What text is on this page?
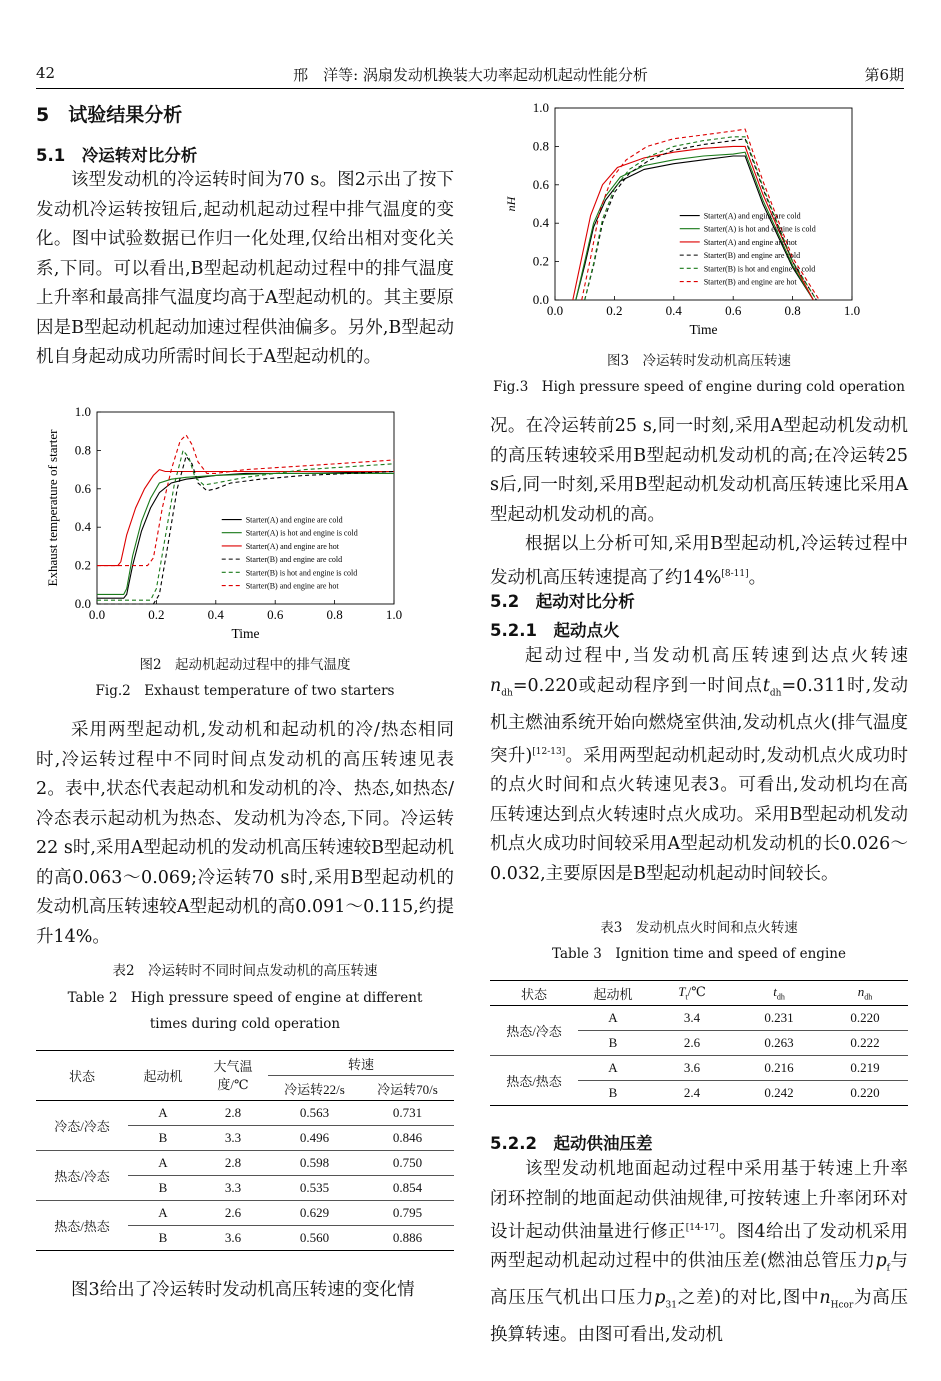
42	邢　洋等: 涡扇发动机换装大功率起动机起动性能分析	第6期
5　试验结果分析
5.1　冷运转对比分析

该型发动机的冷运转时间为70 s。图2示出了按下发动机冷运转按钮后,起动机起动过程中排气温度的变化。图中试验数据已作归一化处理,仅给出相对变化关系,下同。可以看出,B型起动机起动过程中的排气温度上升率和最高排气温度均高于A型起动机的。其主要原因是B型起动机起动加速过程供油偏多。另外,B型起动机自身起动成功所需时间长于A型起动机的。

0.0	0.2	0.4	0.6	0.8	1.0
0.0
0.2
0.4
0.6
0.8
1.0
Time
Exhaust temperature of starter	Starter(A) and engine are cold
Starter(A) is hot and engine is cold
Starter(A) and engine are hot
Starter(B) and engine are cold
Starter(B) is hot and engine is cold
Starter(B) and engine are hot
图2　起动机起动过程中的排气温度
Fig.2　Exhaust temperature of two starters

采用两型起动机,发动机和起动机的冷/热态相同时,冷运转过程中不同时间点发动机的高压转速见表2。表中,状态代表起动机和发动机的冷、热态,如热态/冷态表示起动机为热态、发动机为冷态,下同。冷运转22 s时,采用A型起动机的发动机高压转速较B型起动机的高0.063～0.069;冷运转70 s时,采用B型起动机的发动机高压转速较A型起动机的高0.091～0.115,约提升14%。

表2　冷运转时不同时间点发动机的高压转速
Table 2　High pressure speed of engine at different
times during cold operation
状态	起动机	大气温
度/℃	转速	
			冷运转22/s	冷运转70/s
冷态/冷态	A	2.8	0.563	0.731
	B	3.3	0.496	0.846
热态/冷态	A	2.8	0.598	0.750
	B	3.3	0.535	0.854
热态/热态	A	2.6	0.629	0.795
	B	3.6	0.560	0.886

图3给出了冷运转时发动机高压转速的变化情

0.0	0.2	0.4	0.6	0.8	1.0
0.0
0.2
0.4
0.6
0.8
1.0
Time
nH
Starter(A) and engine are cold
Starter(A) is hot and engine is cold
Starter(A) and engine are hot
Starter(B) and engine are cold
Starter(B) is hot and engine is cold
Starter(B) and engine are hot
图3　冷运转时发动机高压转速
Fig.3　High pressure speed of engine during cold operation

况。在冷运转前25 s,同一时刻,采用A型起动机发动机的高压转速较采用B型起动机发动机的高;在冷运转25 s后,同一时刻,采用B型起动机发动机高压转速比采用A型起动机发动机的高。

根据以上分析可知,采用B型起动机,冷运转过程中发动机高压转速提高了约14%[8-11]。

5.2　起动对比分析
5.2.1　起动点火

起动过程中,当发动机高压转速到达点火转速$n_{dh}=0.220$或起动程序到一时间点$t_{dh}=0.311$时,发动机主燃油系统开始向燃烧室供油,发动机点火(排气温度突升)[12-13]。采用两型起动机起动时,发动机点火成功时的点火时间和点火转速见表3。可看出,发动机均在高压转速达到点火转速时点火成功。采用B型起动机发动机点火成功时间较采用A型起动机发动机的长0.026～0.032,主要原因是B型起动机起动时间较长。

表3　发动机点火时间和点火转速
Table 3　Ignition time and speed of engine
状态	起动机	$T_t/℃$	$t_{dh}$	$n_{dh}$
热态/冷态	A	3.4	0.231	0.220
	B	2.6	0.263	0.222
热态/热态	A	3.6	0.216	0.219
	B	2.4	0.242	0.220
5.2.2　起动供油压差

该型发动机地面起动过程中采用基于转速上升率闭环控制的地面起动供油规律,可按转速上升率闭环对设计起动供油量进行修正[14-17]。图4给出了发动机采用两型起动机起动过程中的供油压差(燃油总管压力$p_f$与高压压气机出口压力$p_{31}$之差)的对比,图中$n_{Hcor}$为高压换算转速。由图可看出,发动机
